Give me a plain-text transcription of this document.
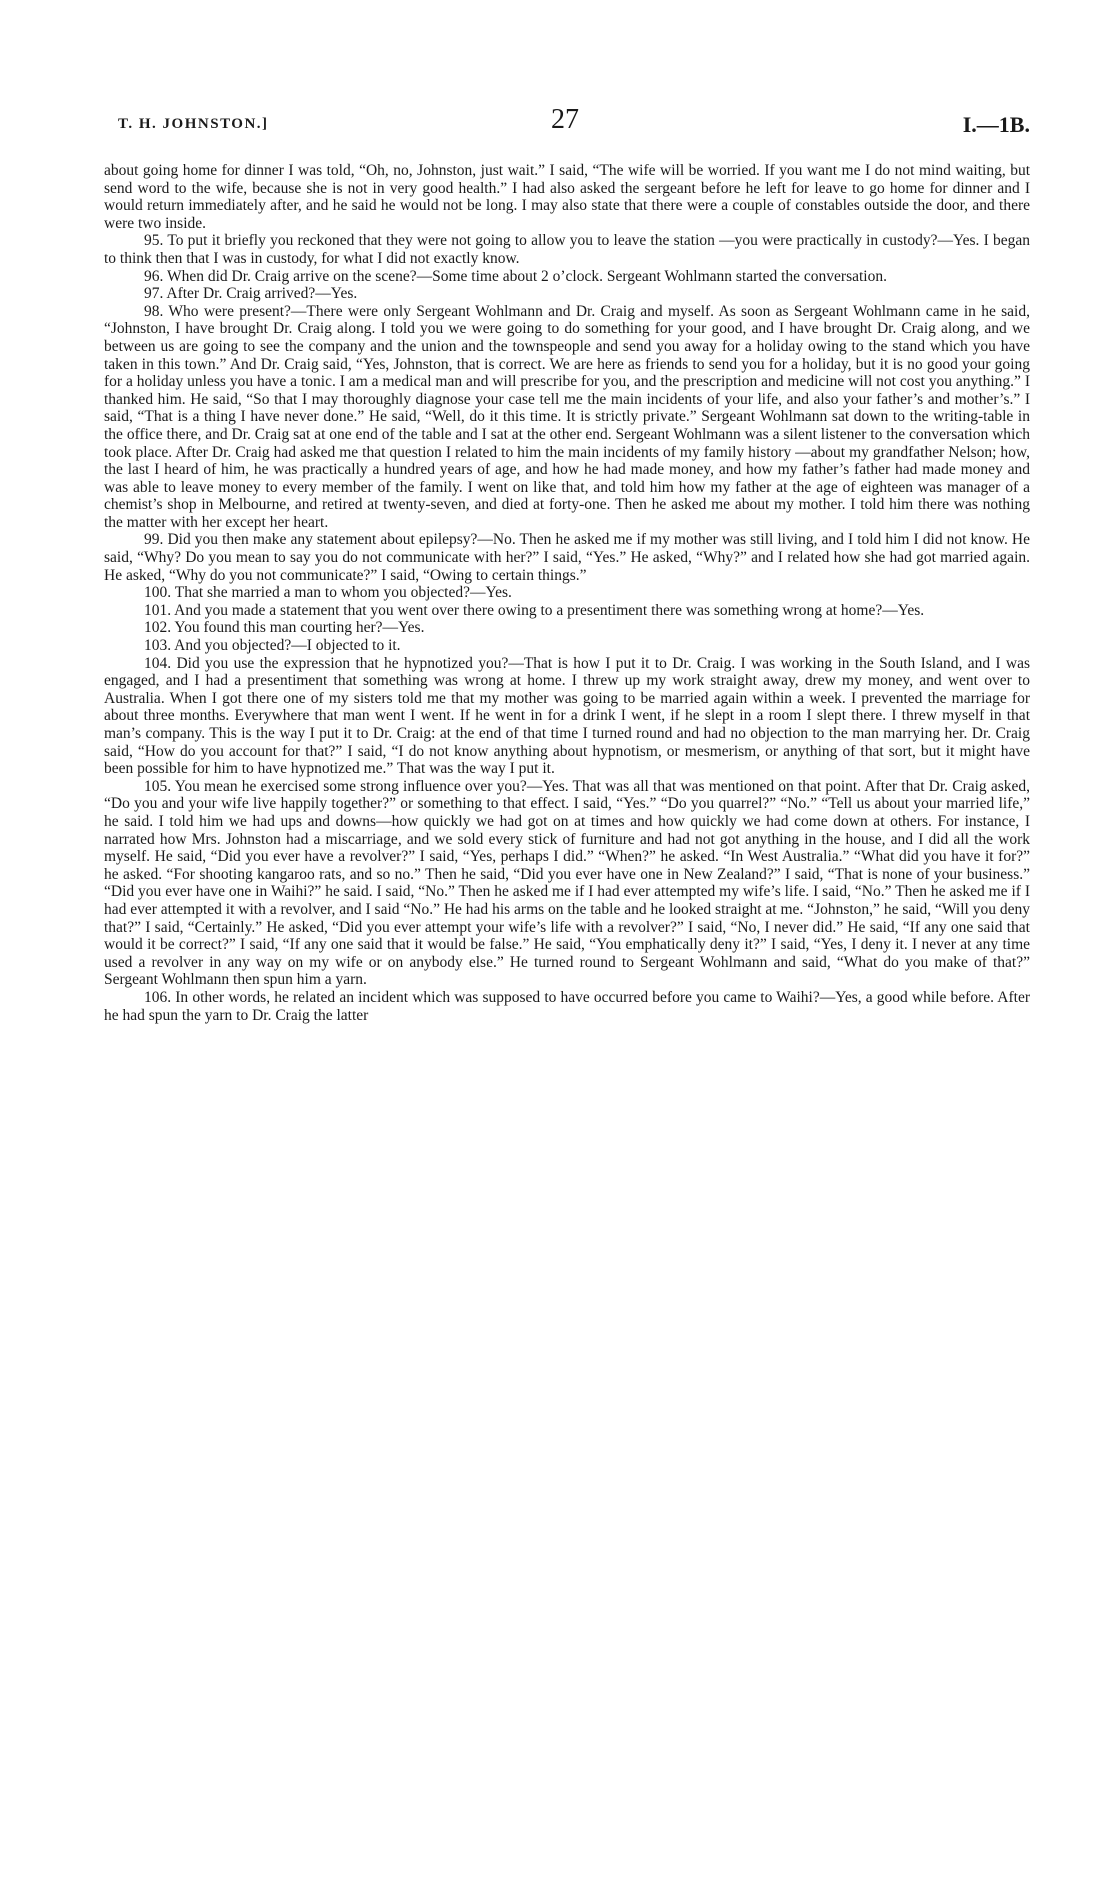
T. H. JOHNSTON.]	27	I.—1B.

about going home for dinner I was told, “Oh, no, Johnston, just wait.” I said, “The wife will be worried. If you want me I do not mind waiting, but send word to the wife, because she is not in very good health.” I had also asked the sergeant before he left for leave to go home for dinner and I would return immediately after, and he said he would not be long. I may also state that there were a couple of constables outside the door, and there were two inside.

95. To put it briefly you reckoned that they were not going to allow you to leave the station —you were practically in custody?—Yes. I began to think then that I was in custody, for what I did not exactly know.

96. When did Dr. Craig arrive on the scene?—Some time about 2 o’clock. Sergeant Wohlmann started the conversation.

97. After Dr. Craig arrived?—Yes.

98. Who were present?—There were only Sergeant Wohlmann and Dr. Craig and myself. As soon as Sergeant Wohlmann came in he said, “Johnston, I have brought Dr. Craig along. I told you we were going to do something for your good, and I have brought Dr. Craig along, and we between us are going to see the company and the union and the townspeople and send you away for a holiday owing to the stand which you have taken in this town.” And Dr. Craig said, “Yes, Johnston, that is correct. We are here as friends to send you for a holiday, but it is no good your going for a holiday unless you have a tonic. I am a medical man and will prescribe for you, and the prescription and medicine will not cost you anything.” I thanked him. He said, “So that I may thoroughly diagnose your case tell me the main incidents of your life, and also your father’s and mother’s.” I said, “That is a thing I have never done.” He said, “Well, do it this time. It is strictly private.” Sergeant Wohlmann sat down to the writing-table in the office there, and Dr. Craig sat at one end of the table and I sat at the other end. Sergeant Wohlmann was a silent listener to the conversation which took place. After Dr. Craig had asked me that question I related to him the main incidents of my family history —about my grandfather Nelson; how, the last I heard of him, he was practically a hundred years of age, and how he had made money, and how my father’s father had made money and was able to leave money to every member of the family. I went on like that, and told him how my father at the age of eighteen was manager of a chemist’s shop in Melbourne, and retired at twenty-seven, and died at forty-one. Then he asked me about my mother. I told him there was nothing the matter with her except her heart.

99. Did you then make any statement about epilepsy?—No. Then he asked me if my mother was still living, and I told him I did not know. He said, “Why? Do you mean to say you do not communicate with her?” I said, “Yes.” He asked, “Why?” and I related how she had got married again. He asked, “Why do you not communicate?” I said, “Owing to certain things.”

100. That she married a man to whom you objected?—Yes.

101. And you made a statement that you went over there owing to a presentiment there was something wrong at home?—Yes.

102. You found this man courting her?—Yes.

103. And you objected?—I objected to it.

104. Did you use the expression that he hypnotized you?—That is how I put it to Dr. Craig. I was working in the South Island, and I was engaged, and I had a presentiment that something was wrong at home. I threw up my work straight away, drew my money, and went over to Australia. When I got there one of my sisters told me that my mother was going to be married again within a week. I prevented the marriage for about three months. Everywhere that man went I went. If he went in for a drink I went, if he slept in a room I slept there. I threw myself in that man’s company. This is the way I put it to Dr. Craig: at the end of that time I turned round and had no objection to the man marrying her. Dr. Craig said, “How do you account for that?” I said, “I do not know anything about hypnotism, or mesmerism, or anything of that sort, but it might have been possible for him to have hypnotized me.” That was the way I put it.

105. You mean he exercised some strong influence over you?—Yes. That was all that was mentioned on that point. After that Dr. Craig asked, “Do you and your wife live happily together?” or something to that effect. I said, “Yes.” “Do you quarrel?” “No.” “Tell us about your married life,” he said. I told him we had ups and downs—how quickly we had got on at times and how quickly we had come down at others. For instance, I narrated how Mrs. Johnston had a miscarriage, and we sold every stick of furniture and had not got anything in the house, and I did all the work myself. He said, “Did you ever have a revolver?” I said, “Yes, perhaps I did.” “When?” he asked. “In West Australia.” “What did you have it for?” he asked. “For shooting kangaroo rats, and so no.” Then he said, “Did you ever have one in New Zealand?” I said, “That is none of your business.” “Did you ever have one in Waihi?” he said. I said, “No.” Then he asked me if I had ever attempted my wife’s life. I said, “No.” Then he asked me if I had ever attempted it with a revolver, and I said “No.” He had his arms on the table and he looked straight at me. “Johnston,” he said, “Will you deny that?” I said, “Certainly.” He asked, “Did you ever attempt your wife’s life with a revolver?” I said, “No, I never did.” He said, “If any one said that would it be correct?” I said, “If any one said that it would be false.” He said, “You emphatically deny it?” I said, “Yes, I deny it. I never at any time used a revolver in any way on my wife or on anybody else.” He turned round to Sergeant Wohlmann and said, “What do you make of that?” Sergeant Wohlmann then spun him a yarn.

106. In other words, he related an incident which was supposed to have occurred before you came to Waihi?—Yes, a good while before. After he had spun the yarn to Dr. Craig the latter
